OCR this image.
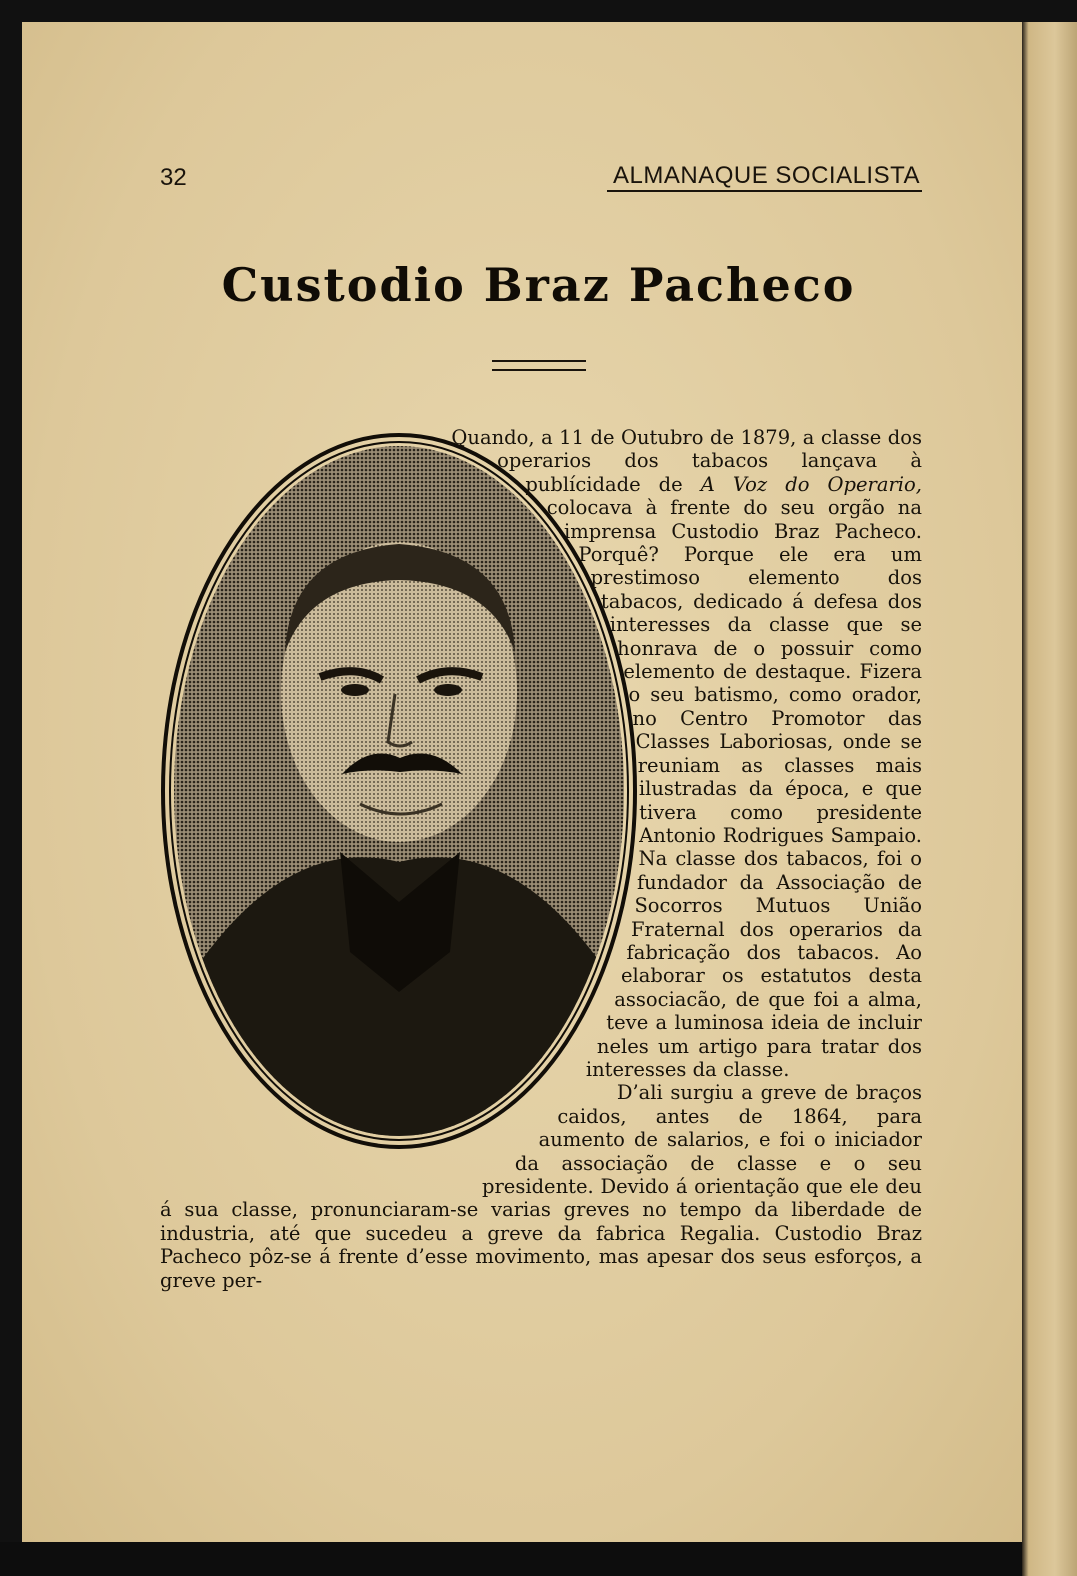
32	ALMANAQUE SOCIALISTA
Custodio Braz Pacheco

Quando, a 11 de Outubro de 1879, a classe dos operarios dos tabacos lançava à publícidade de A Voz do Operario, colocava à frente do seu orgão na imprensa Custodio Braz Pacheco. Porquê? Porque ele era um prestimoso elemento dos tabacos, dedicado á defesa dos interesses da classe que se honrava de o possuir como elemento de destaque. Fizera o seu batismo, como orador, no Centro Promotor das Classes Laboriosas, onde se reuniam as classes mais ilustradas da época, e que tivera como presidente Antonio Rodrigues Sampaio. Na classe dos tabacos, foi o fundador da Associação de Socorros Mutuos União Fraternal dos operarios da fabricação dos tabacos. Ao elaborar os estatutos desta associacão, de que foi a alma, teve a luminosa ideia de incluir neles um artigo para tratar dos interesses da classe.

D’ali surgiu a greve de braços caidos, antes de 1864, para aumento de salarios, e foi o iniciador da associação de classe e o seu presidente. Devido á orientação que ele deu á sua classe, pronunciaram-se varias greves no tempo da liberdade de industria, até que sucedeu a greve da fabrica Regalia. Custodio Braz Pacheco pôz-se á frente d’esse movimento, mas apesar dos seus esforços, a greve per-
